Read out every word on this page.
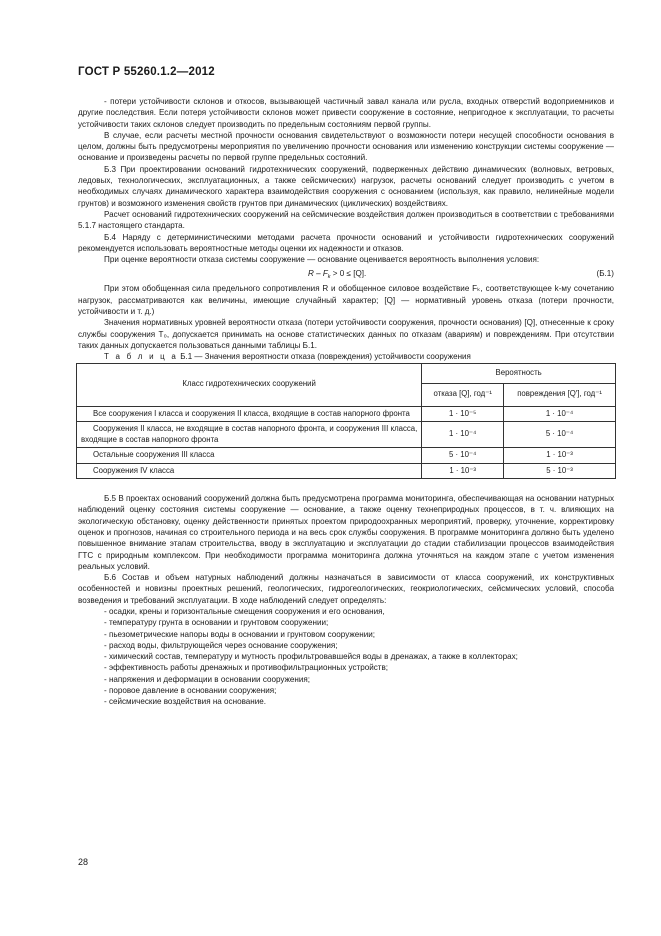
ГОСТ Р 55260.1.2—2012

- потери устойчивости склонов и откосов, вызывающей частичный завал канала или русла, входных отверстий водоприемников и другие последствия. Если потеря устойчивости склонов может привести сооружение в состояние, непригодное к эксплуатации, то расчеты устойчивости таких склонов следует производить по предельным состояниям первой группы.

В случае, если расчеты местной прочности основания свидетельствуют о возможности потери несущей способности основания в целом, должны быть предусмотрены мероприятия по увеличению прочности основания или изменению конструкции системы сооружение — основание и произведены расчеты по первой группе предельных состояний.

Б.3 При проектировании оснований гидротехнических сооружений, подверженных действию динамических (волновых, ветровых, ледовых, технологических, эксплуатационных, а также сейсмических) нагрузок, расчеты оснований следует производить с учетом в необходимых случаях динамического характера взаимодействия сооружения с основанием (используя, как правило, нелинейные модели грунтов) и возможного изменения свойств грунтов при динамических (циклических) воздействиях.

Расчет оснований гидротехнических сооружений на сейсмические воздействия должен производиться в соответствии с требованиями 5.1.7 настоящего стандарта.

Б.4 Наряду с детерминистическими методами расчета прочности оснований и устойчивости гидротехнических сооружений рекомендуется использовать вероятностные методы оценки их надежности и отказов.

При оценке вероятности отказа системы сооружение — основание оценивается вероятность выполнения условия:

$R - F_k > 0 \le [Q]$.	(Б.1)

При этом обобщенная сила предельного сопротивления R и обобщенное силовое воздействие Fₖ, соответствующее k-му сочетанию нагрузок, рассматриваются как величины, имеющие случайный характер; [Q] — нормативный уровень отказа (потери прочности, устойчивости и т. д.)

Значения нормативных уровней вероятности отказа (потери устойчивости сооружения, прочности основания) [Q], отнесенные к сроку службы сооружения T₀, допускается принимать на основе статистических данных по отказам (авариям) и повреждениям. При отсутствии таких данных допускается пользоваться данными таблицы Б.1.

Т а б л и ц а Б.1 — Значения вероятности отказа (повреждения) устойчивости сооружения

Класс гидротехнических сооружений	Вероятность	
	отказа [Q], год⁻¹	повреждения [Q′], год⁻¹
Все сооружения I класса и сооружения II класса, входящие в состав напорного фронта	1 · 10⁻⁵	1 · 10⁻⁴
Сооружения II класса, не входящие в состав напорного фронта, и сооружения III класса, входящие в состав напорного фронта	1 · 10⁻⁴	5 · 10⁻⁴
Остальные сооружения III класса	5 · 10⁻⁴	1 · 10⁻³
Сооружения IV класса	1 · 10⁻³	5 · 10⁻³

Б.5 В проектах оснований сооружений должна быть предусмотрена программа мониторинга, обеспечивающая на основании натурных наблюдений оценку состояния системы сооружение — основание, а также оценку технеприродных процессов, в т. ч. влияющих на экологическую обстановку, оценку действенности принятых проектом природоохранных мероприятий, проверку, уточнение, корректировку оценок и прогнозов, начиная со строительного периода и на весь срок службы сооружения. В программе мониторинга должно быть уделено повышенное внимание этапам строительства, вводу в эксплуатацию и эксплуатации до стадии стабилизации процессов взаимодействия ГТС с природным комплексом. При необходимости программа мониторинга должна уточняться на каждом этапе с учетом изменения реальных условий.

Б.6 Состав и объем натурных наблюдений должны назначаться в зависимости от класса сооружений, их конструктивных особенностей и новизны проектных решений, геологических, гидрогеологических, геокриологических, сейсмических условий, способа возведения и требований эксплуатации. В ходе наблюдений следует определять:

- осадки, крены и горизонтальные смещения сооружения и его основания,
- температуру грунта в основании и грунтовом сооружении;
- пьезометрические напоры воды в основании и грунтовом сооружении;
- расход воды, фильтрующейся через основание сооружения;
- химический состав, температуру и мутность профильтровавшейся воды в дренажах, а также в коллекторах;
- эффективность работы дренажных и противофильтрационных устройств;
- напряжения и деформации в основании сооружения;
- поровое давление в основании сооружения;
- сейсмические воздействия на основание.
28
